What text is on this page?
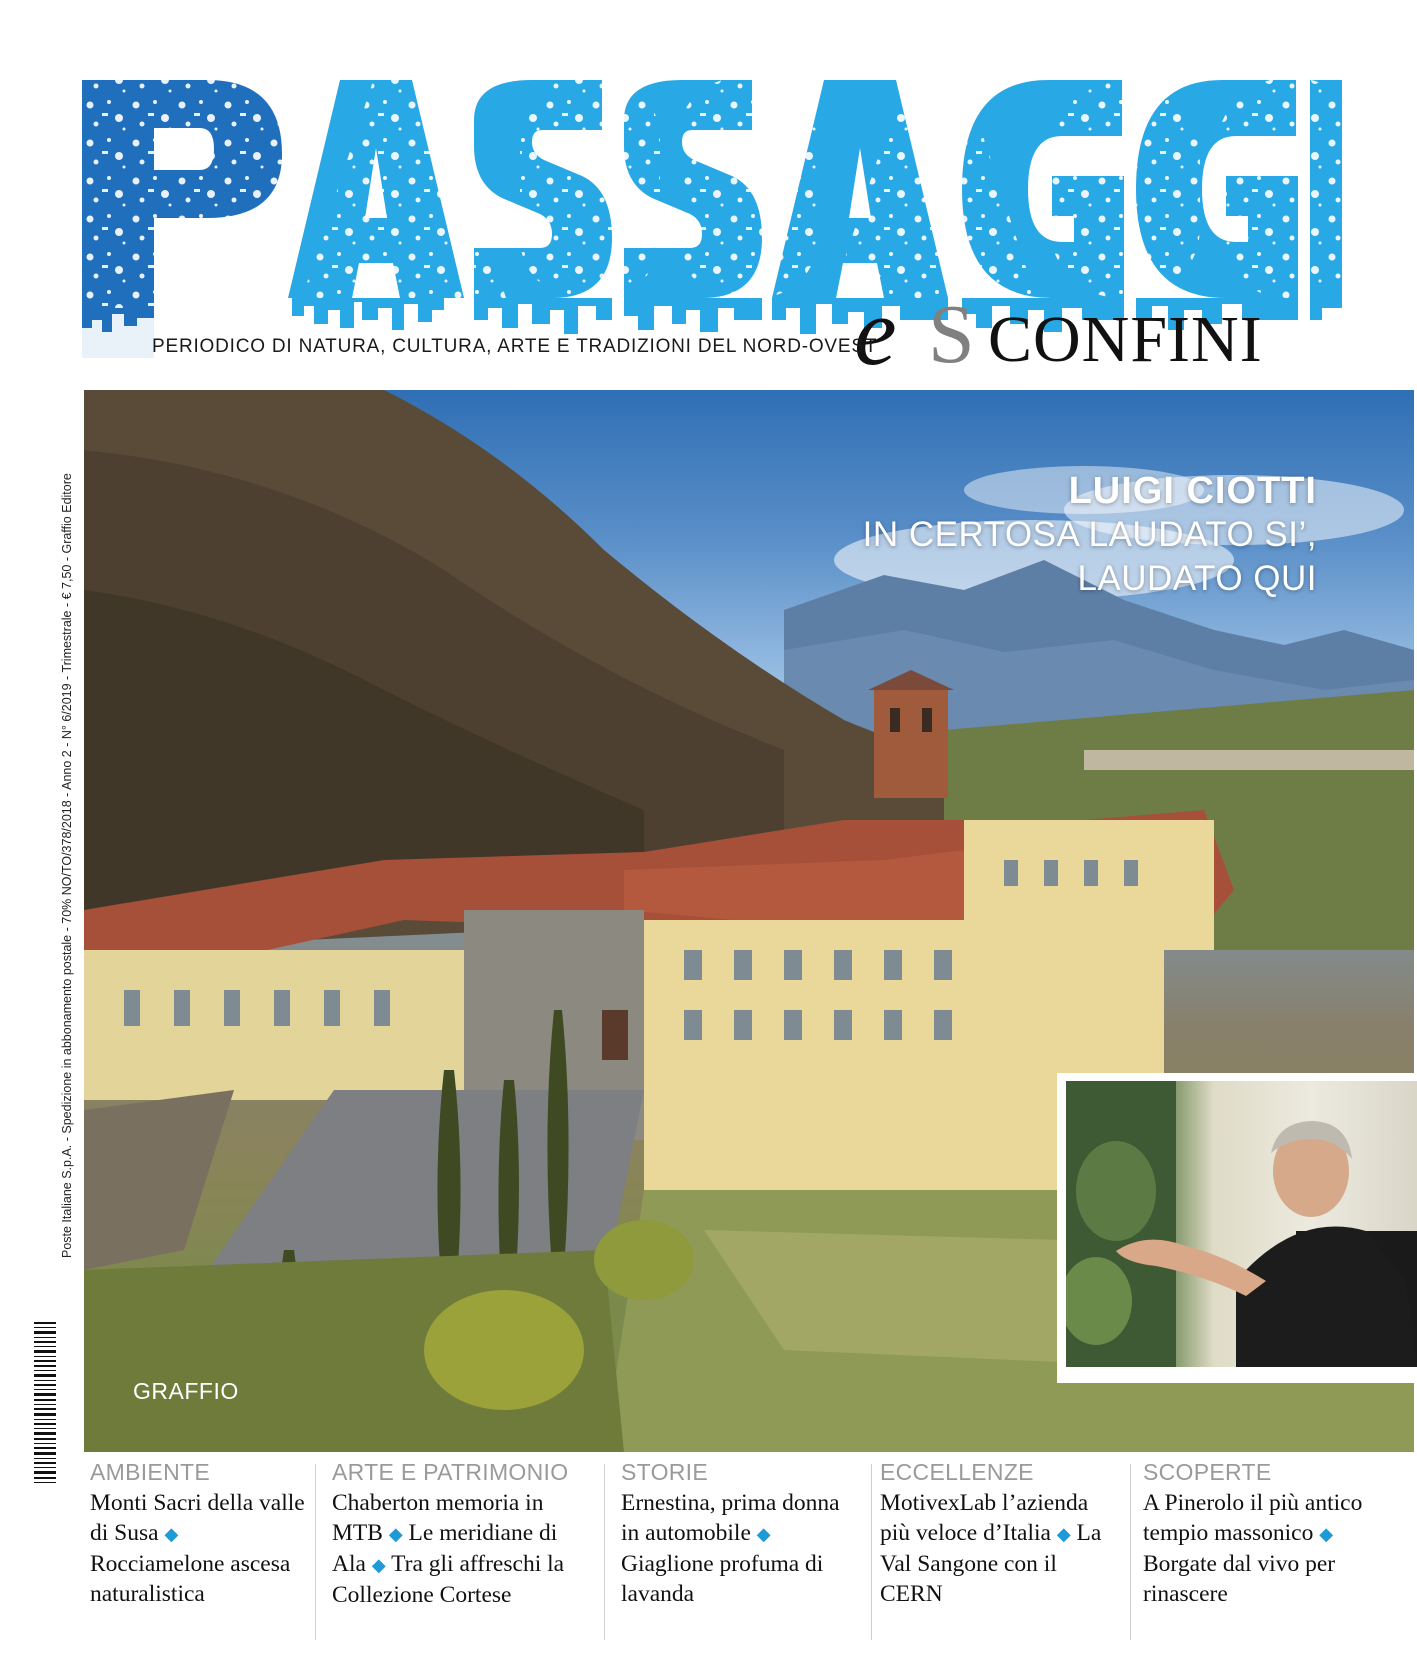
e S CONFINI
PERIODICO DI NATURA, CULTURA, ARTE E TRADIZIONI DEL NORD-OVEST
LUIGI CIOTTI
IN CERTOSA LAUDATO SI’,
LAUDATO QUI
GRAFFIO
Poste Italiane S.p.A. - Spedizione in abbonamento postale - 70% NO/TO/378/2018 - Anno 2 - N° 6/2019 - Trimestrale - € 7,50 - Graffio Editore
AMBIENTE
Monti Sacri della valle di Susa ◆ Rocciamelone ascesa naturalistica
ARTE E PATRIMONIO
Chaberton memoria in MTB ◆ Le meridiane di Ala ◆ Tra gli affreschi la Collezione Cortese
STORIE
Ernestina, prima donna in automobile ◆ Giaglione profuma di lavanda
ECCELLENZE
MotivexLab l’azienda più veloce d’Italia ◆ La Val Sangone con il CERN
SCOPERTE
A Pinerolo il più antico tempio massonico ◆ Borgate dal vivo per rinascere
